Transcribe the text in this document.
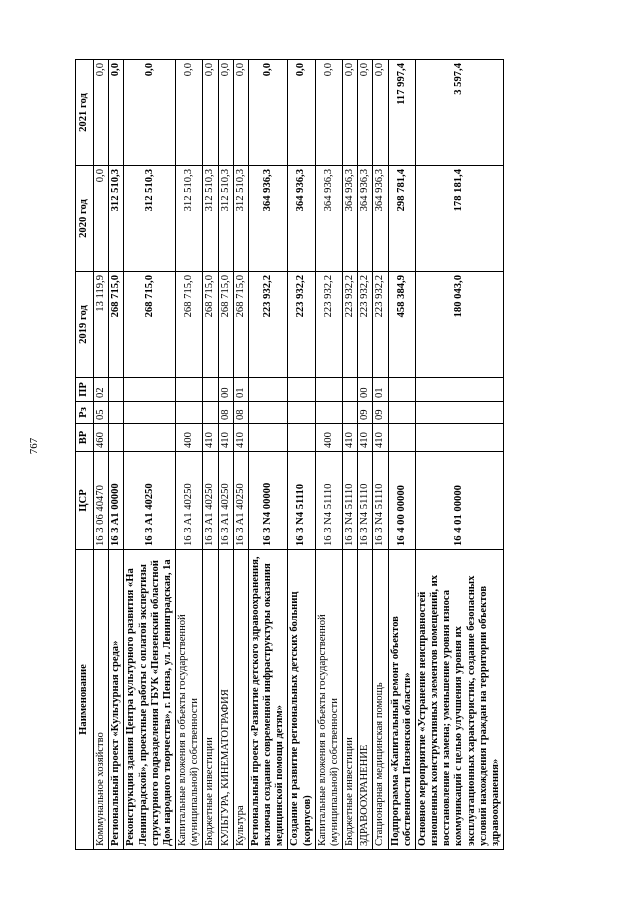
767
Наименование	ЦСР	ВР	Рз	ПР	2019 год	2020 год	2021 год
Коммунальное хозяйство	16 3 06 40470	460	05	02	13 119,9	0,0	0,0
Региональный проект «Культурная среда»	16 3 A1 00000				268 715,0	312 510,3	0,0
Реконструкция здания Центра культурного развития «На Ленинградской», проектные работы с оплатой экспертизы структурного подразделения ГБУК «Пензенский областной Дом народного творчества», г. Пенза, ул. Ленинградская, 1а	16 3 A1 40250				268 715,0	312 510,3	0,0
Капитальные вложения в объекты государственной (муниципальной) собственности	16 3 A1 40250	400			268 715,0	312 510,3	0,0
Бюджетные инвестиции	16 3 A1 40250	410			268 715,0	312 510,3	0,0
КУЛЬТУРА, КИНЕМАТОГРАФИЯ	16 3 A1 40250	410	08	00	268 715,0	312 510,3	0,0
Культура	16 3 A1 40250	410	08	01	268 715,0	312 510,3	0,0
Региональный проект «Развитие детского здравоохранения, включая создание современной инфраструктуры оказания медицинской помощи детям»	16 3 N4 00000				223 932,2	364 936,3	0,0
Создание и развитие региональных детских больниц (корпусов)	16 3 N4 51110				223 932,2	364 936,3	0,0
Капитальные вложения в объекты государственной (муниципальной) собственности	16 3 N4 51110	400			223 932,2	364 936,3	0,0
Бюджетные инвестиции	16 3 N4 51110	410			223 932,2	364 936,3	0,0
ЗДРАВООХРАНЕНИЕ	16 3 N4 51110	410	09	00	223 932,2	364 936,3	0,0
Стационарная медицинская помощь	16 3 N4 51110	410	09	01	223 932,2	364 936,3	0,0
Подпрограмма «Капитальный ремонт объектов собственности Пензенской области»	16 4 00 00000				458 384,9	298 781,4	117 997,4
Основное мероприятие «Устранение неисправностей изношенных конструктивных элементов помещений, их восстановление и замена; уменьшение уровня износа коммуникаций с целью улучшения уровня их эксплуатационных характеристик, создание безопасных условий нахождения граждан на территории объектов здравоохранения»	16 4 01 00000				180 043,0	178 181,4	3 597,4
